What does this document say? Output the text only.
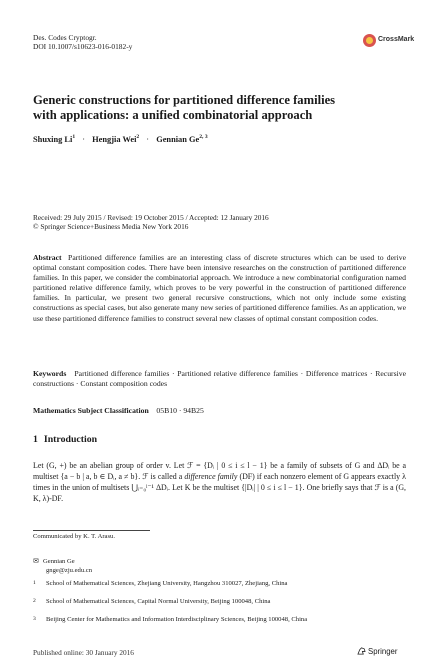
Des. Codes Cryptogr.
DOI 10.1007/s10623-016-0182-y
CrossMark
Generic constructions for partitioned difference families
with applications: a unified combinatorial approach
Shuxing $Li^1$ · Hengjia Wei$^2$ · Gennian Ge$^{2, 3}$
Received: 29 July 2015 / Revised: 19 October 2015 / Accepted: 12 January 2016
© Springer Science+Business Media New York 2016
Abstract Partitioned difference families are an interesting class of discrete structures which can be used to derive optimal constant composition codes. There have been intensive researches on the construction of partitioned difference families. In this paper, we consider the combinatorial approach. We introduce a new combinatorial configuration named partitioned relative difference family, which proves to be very powerful in the construction of partitioned difference families. In particular, we present two general recursive constructions, which not only include some existing constructions as special cases, but also generate many new series of partitioned difference families. As an application, we use these partitioned difference families to construct several new classes of optimal constant composition codes.
Keywords Partitioned difference families · Partitioned relative difference families · Difference matrices · Recursive constructions · Constant composition codes
Mathematics Subject Classification 05B10 · 94B25
1 Introduction
Let (G, +) be an abelian group of order v. Let ℱ = {Dᵢ | 0 ≤ i ≤ l − 1} be a family of subsets of G and ΔDᵢ be a multiset {a − b | a, b ∈ Dᵢ, a ≠ b}. ℱ is called a difference family (DF) if each nonzero element of G appears exactly λ times in the union of multisets ⋃ᵢ₌₀ˡ⁻¹ ΔDᵢ. Let K be the multiset {|Dᵢ| | 0 ≤ i ≤ l − 1}. One briefly says that ℱ is a (G, K, λ)-DF.
Communicated by K. T. Arasu.
✉ Gennian Ge
gnge@zju.edu.cn
1 School of Mathematical Sciences, Zhejiang University, Hangzhou 310027, Zhejiang, China
2 School of Mathematical Sciences, Capital Normal University, Beijing 100048, China
3 Beijing Center for Mathematics and Information Interdisciplinary Sciences, Beijing 100048, China
Published online: 30 January 2016	Springer
